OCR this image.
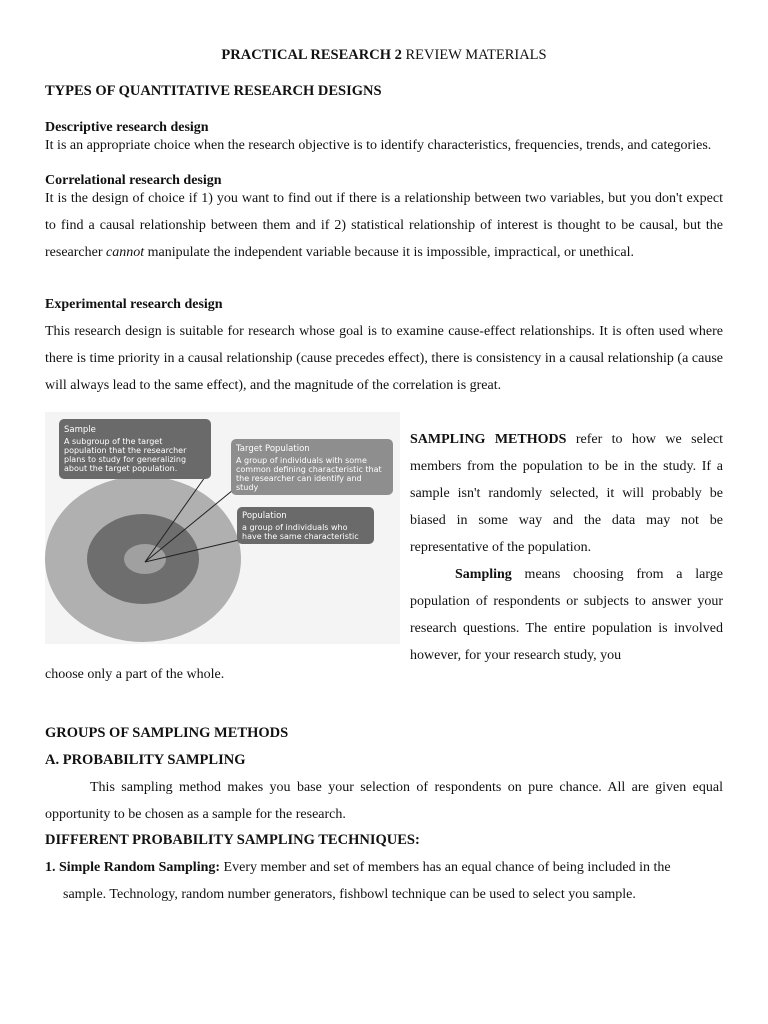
PRACTICAL RESEARCH 2 REVIEW MATERIALS
TYPES OF QUANTITATIVE RESEARCH DESIGNS
Descriptive research design
It is an appropriate choice when the research objective is to identify characteristics, frequencies, trends, and categories.
Correlational research design
It is the design of choice if 1) you want to find out if there is a relationship between two variables, but you don't expect to find a causal relationship between them and if 2) statistical relationship of interest is thought to be causal, but the researcher cannot manipulate the independent variable because it is impossible, impractical, or unethical.
Experimental research design
This research design is suitable for research whose goal is to examine cause-effect relationships. It is often used where there is time priority in a causal relationship (cause precedes effect), there is consistency in a causal relationship (a cause will always lead to the same effect), and the magnitude of the correlation is great.
Sample
A subgroup of the target
population that the researcher
plans to study for generalizing
about the target population.
Target Population
A group of individuals with some
common defining characteristic that
the researcher can identify and
study
Population
a group of individuals who
have the same characteristic
SAMPLING METHODS refer to how we select members from the population to be in the study. If a sample isn't randomly selected, it will probably be biased in some way and the data may not be representative of the population.
Sampling means choosing from a large population of respondents or subjects to answer your research questions. The entire population is involved however, for your research study, you
choose only a part of the whole.
GROUPS OF SAMPLING METHODS
A. PROBABILITY SAMPLING
This sampling method makes you base your selection of respondents on pure chance. All are given equal opportunity to be chosen as a sample for the research.
DIFFERENT PROBABILITY SAMPLING TECHNIQUES:
1. Simple Random Sampling: Every member and set of members has an equal chance of being included in the
sample. Technology, random number generators, fishbowl technique can be used to select you sample.
